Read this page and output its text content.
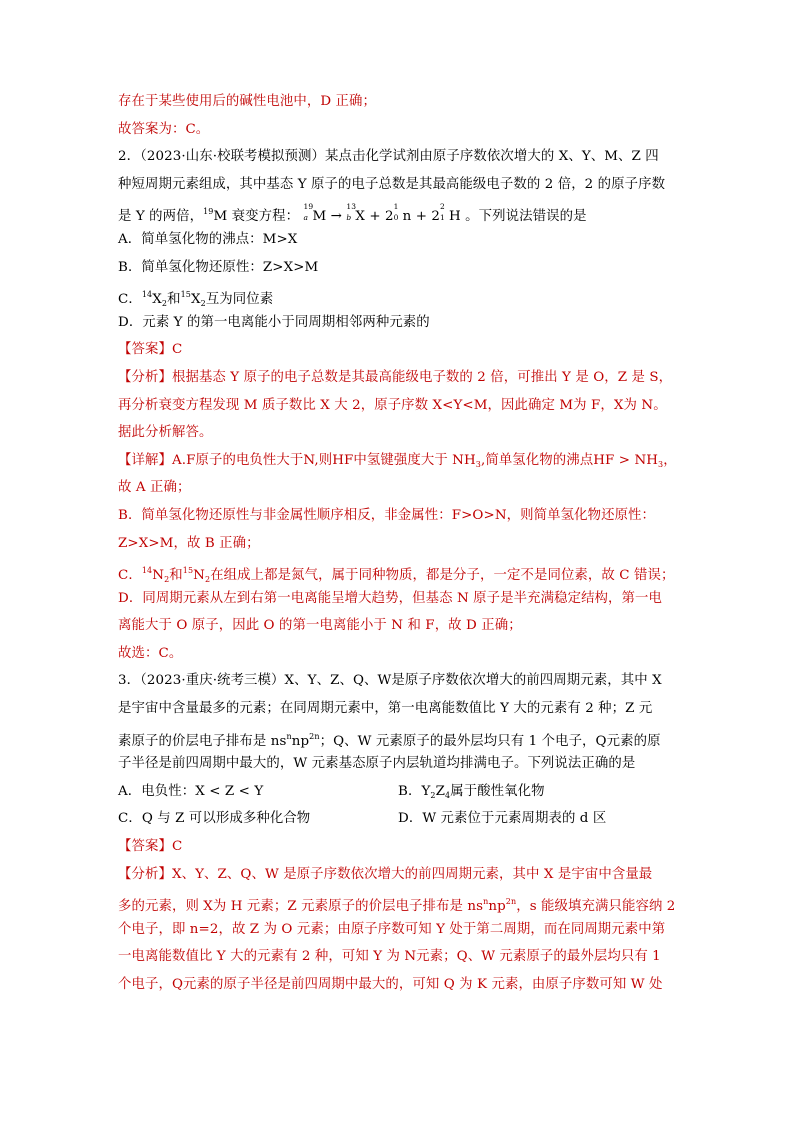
存在于某些使用后的碱性电池中，D 正确；
故答案为：C。
2．（2023·山东·校联考模拟预测）某点击化学试剂由原子序数依次增大的 X、Y、M、Z 四
种短周期元素组成，其中基态 Y 原子的电子总数是其最高能级电子数的 2 倍，2 的原子序数
是 Y 的两倍，$^{19}$M 衰变方程：
19
a M →
13
b X + 2
1
0 n + 2
2
1 H 。下列说法错误的是
A．简单氢化物的沸点：M>X
B．简单氢化物还原性：Z>X>M
C．$^{14}X_2$和$^{15}X_2$互为同位素
D．元素 Y 的第一电离能小于同周期相邻两种元素的
【答案】C
【分析】根据基态 Y 原子的电子总数是其最高能级电子数的 2 倍，可推出 Y 是 O，Z 是 S，
再分析衰变方程发现 M 质子数比 X 大 2，原子序数 X<Y<M，因此确定 M为 F，X为 N。
据此分析解答。
【详解】A.F原子的电负性大于N,则HF中氢键强度大于 $NH_3$,简单氢化物的沸点HF > $NH_3$，
故 A 正确；
B．简单氢化物还原性与非金属性顺序相反，非金属性：F>O>N，则简单氢化物还原性：
Z>X>M，故 B 正确；
C．$^{14}N_2$和$^{15}N_2$在组成上都是氮气，属于同种物质，都是分子，一定不是同位素，故 C 错误；
D．同周期元素从左到右第一电离能呈增大趋势，但基态 N 原子是半充满稳定结构，第一电
离能大于 O 原子，因此 O 的第一电离能小于 N 和 F，故 D 正确；
故选：C。
3．（2023·重庆·统考三模）X、Y、Z、Q、W是原子序数依次增大的前四周期元素，其中 X
是宇宙中含量最多的元素；在同周期元素中，第一电离能数值比 Y 大的元素有 2 种；Z 元
素原子的价层电子排布是 $ns^nnp^{2n}$；Q、W 元素原子的最外层均只有 1 个电子，Q元素的原
子半径是前四周期中最大的，W 元素基态原子内层轨道均排满电子。下列说法正确的是
A．电负性：X < Z < Y	B．$Y_2Z_4$属于酸性氧化物
C．Q 与 Z 可以形成多种化合物	D．W 元素位于元素周期表的 d 区
【答案】C
【分析】X、Y、Z、Q、W 是原子序数依次增大的前四周期元素，其中 X 是宇宙中含量最
多的元素，则 X为 H 元素；Z 元素原子的价层电子排布是 $ns^nnp^{2n}$，s 能级填充满只能容纳 2
个电子，即 n=2，故 Z 为 O 元素；由原子序数可知 Y 处于第二周期，而在同周期元素中第
一电离能数值比 Y 大的元素有 2 种，可知 Y 为 N元素；Q、W 元素原子的最外层均只有 1
个电子，Q元素的原子半径是前四周期中最大的，可知 Q 为 K 元素，由原子序数可知 W 处
